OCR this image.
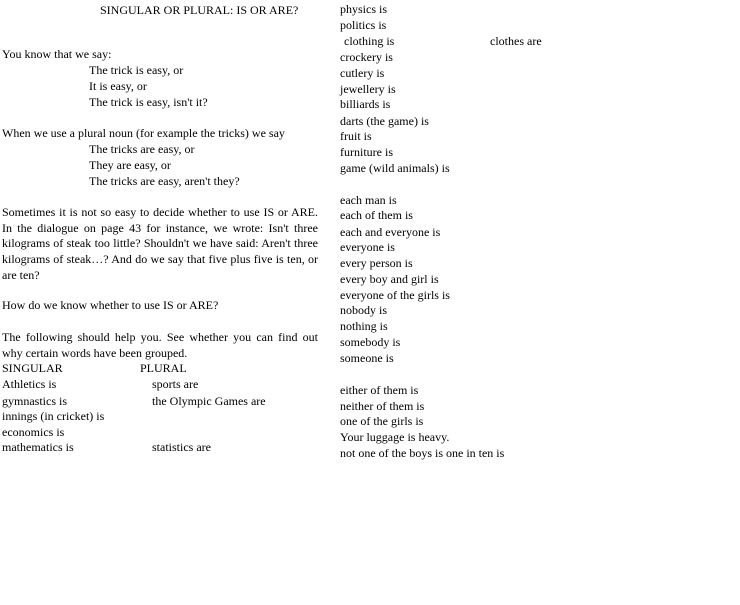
SINGULAR OR PLURAL: IS OR ARE?
You know that we say:
The trick is easy, or
It is easy, or
The trick is easy, isn't it?
When we use a plural noun (for example the tricks) we say
The tricks are easy, or
They are easy, or
The tricks are easy, aren't they?
Sometimes it is not so easy to decide whether to use IS or ARE. In the dialogue on page 43 for instance, we wrote: Isn't three kilograms of steak too little? Shouldn't we have said: Aren't three kilograms of steak…? And do we say that five plus five is ten, or are ten?
How do we know whether to use IS or ARE?
The following should help you. See whether you can find out why certain words have been grouped.
SINGULAR	PLURAL
Athletics is	sports are
gymnastics is	the Olympic Games are
innings (in cricket) is
economics is
mathematics is	statistics are
physics is
politics is
clothing is	clothes are
crockery is
cutlery is
jewellery is
billiards is
darts (the game) is
fruit is
furniture is
game (wild animals) is
each man is
each of them is
each and everyone is
everyone is
every person is
every boy and girl is
everyone of the girls is
nobody is
nothing is
somebody is
someone is
either of them is
neither of them is
one of the girls is
Your luggage is heavy.
not one of the boys is one in ten is
